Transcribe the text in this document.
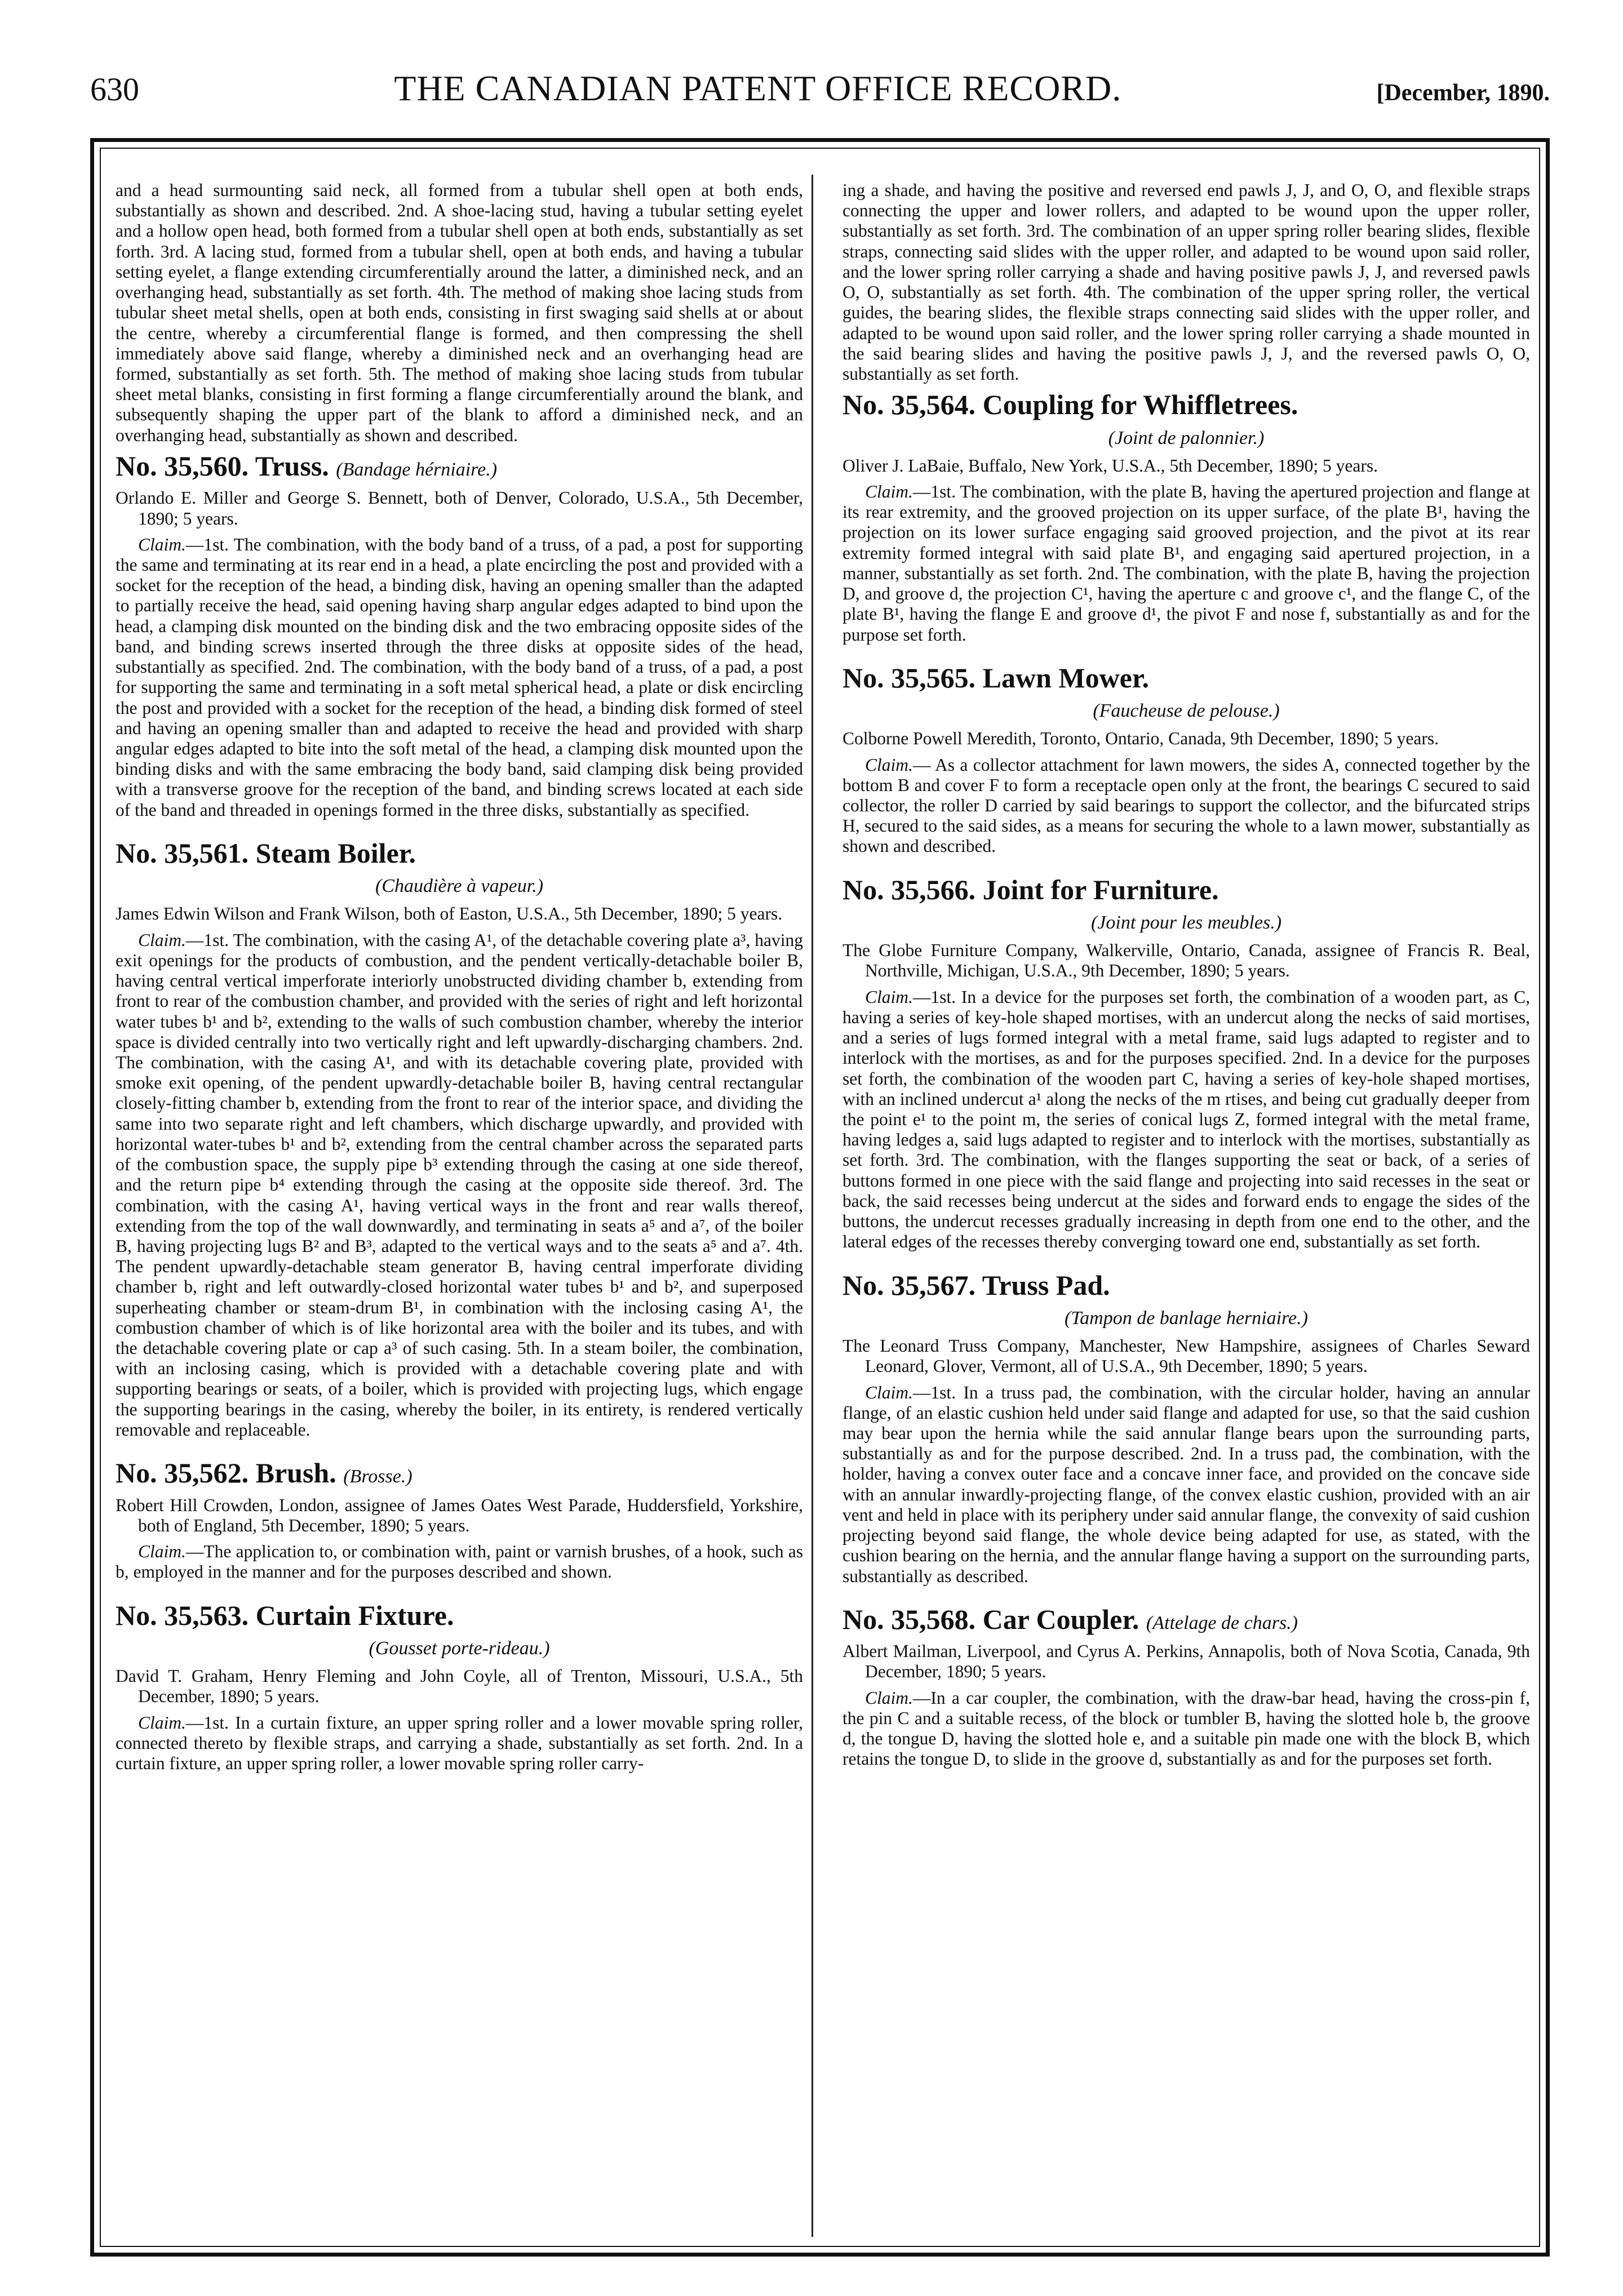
630	THE CANADIAN PATENT OFFICE RECORD.	[December, 1890.

and a head surmounting said neck, all formed from a tubular shell open at both ends, substantially as shown and described. 2nd. A shoe-lacing stud, having a tubular setting eyelet and a hollow open head, both formed from a tubular shell open at both ends, substantially as set forth. 3rd. A lacing stud, formed from a tubular shell, open at both ends, and having a tubular setting eyelet, a flange extending circumferentially around the latter, a diminished neck, and an overhanging head, substantially as set forth. 4th. The method of making shoe lacing studs from tubular sheet metal shells, open at both ends, consisting in first swaging said shells at or about the centre, whereby a circumferential flange is formed, and then compressing the shell immediately above said flange, whereby a diminished neck and an overhanging head are formed, substantially as set forth. 5th. The method of making shoe lacing studs from tubular sheet metal blanks, consisting in first forming a flange circumferentially around the blank, and subsequently shaping the upper part of the blank to afford a diminished neck, and an overhanging head, substantially as shown and described.

No. 35,560. Truss. (Bandage hérniaire.)

Orlando E. Miller and George S. Bennett, both of Denver, Colorado, U.S.A., 5th December, 1890; 5 years.

Claim.—1st. The combination, with the body band of a truss, of a pad, a post for supporting the same and terminating at its rear end in a head, a plate encircling the post and provided with a socket for the reception of the head, a binding disk, having an opening smaller than the adapted to partially receive the head, said opening having sharp angular edges adapted to bind upon the head, a clamping disk mounted on the binding disk and the two embracing opposite sides of the band, and binding screws inserted through the three disks at opposite sides of the head, substantially as specified. 2nd. The combination, with the body band of a truss, of a pad, a post for supporting the same and terminating in a soft metal spherical head, a plate or disk encircling the post and provided with a socket for the reception of the head, a binding disk formed of steel and having an opening smaller than and adapted to receive the head and provided with sharp angular edges adapted to bite into the soft metal of the head, a clamping disk mounted upon the binding disks and with the same embracing the body band, said clamping disk being provided with a transverse groove for the reception of the band, and binding screws located at each side of the band and threaded in openings formed in the three disks, substantially as specified.

No. 35,561. Steam Boiler.
(Chaudière à vapeur.)

James Edwin Wilson and Frank Wilson, both of Easton, U.S.A., 5th December, 1890; 5 years.

Claim.—1st. The combination, with the casing A¹, of the detachable covering plate a³, having exit openings for the products of combustion, and the pendent vertically-detachable boiler B, having central vertical imperforate interiorly unobstructed dividing chamber b, extending from front to rear of the combustion chamber, and provided with the series of right and left horizontal water tubes b¹ and b², extending to the walls of such combustion chamber, whereby the interior space is divided centrally into two vertically right and left upwardly-discharging chambers. 2nd. The combination, with the casing A¹, and with its detachable covering plate, provided with smoke exit opening, of the pendent upwardly-detachable boiler B, having central rectangular closely-fitting chamber b, extending from the front to rear of the interior space, and dividing the same into two separate right and left chambers, which discharge upwardly, and provided with horizontal water-tubes b¹ and b², extending from the central chamber across the separated parts of the combustion space, the supply pipe b³ extending through the casing at one side thereof, and the return pipe b⁴ extending through the casing at the opposite side thereof. 3rd. The combination, with the casing A¹, having vertical ways in the front and rear walls thereof, extending from the top of the wall downwardly, and terminating in seats a⁵ and a⁷, of the boiler B, having projecting lugs B² and B³, adapted to the vertical ways and to the seats a⁵ and a⁷. 4th. The pendent upwardly-detachable steam generator B, having central imperforate dividing chamber b, right and left outwardly-closed horizontal water tubes b¹ and b², and superposed superheating chamber or steam-drum B¹, in combination with the inclosing casing A¹, the combustion chamber of which is of like horizontal area with the boiler and its tubes, and with the detachable covering plate or cap a³ of such casing. 5th. In a steam boiler, the combination, with an inclosing casing, which is provided with a detachable covering plate and with supporting bearings or seats, of a boiler, which is provided with projecting lugs, which engage the supporting bearings in the casing, whereby the boiler, in its entirety, is rendered vertically removable and replaceable.

No. 35,562. Brush. (Brosse.)

Robert Hill Crowden, London, assignee of James Oates West Parade, Huddersfield, Yorkshire, both of England, 5th December, 1890; 5 years.

Claim.—The application to, or combination with, paint or varnish brushes, of a hook, such as b, employed in the manner and for the purposes described and shown.

No. 35,563. Curtain Fixture.
(Gousset porte-rideau.)

David T. Graham, Henry Fleming and John Coyle, all of Trenton, Missouri, U.S.A., 5th December, 1890; 5 years.

Claim.—1st. In a curtain fixture, an upper spring roller and a lower movable spring roller, connected thereto by flexible straps, and carrying a shade, substantially as set forth. 2nd. In a curtain fixture, an upper spring roller, a lower movable spring roller carry-

ing a shade, and having the positive and reversed end pawls J, J, and O, O, and flexible straps connecting the upper and lower rollers, and adapted to be wound upon the upper roller, substantially as set forth. 3rd. The combination of an upper spring roller bearing slides, flexible straps, connecting said slides with the upper roller, and adapted to be wound upon said roller, and the lower spring roller carrying a shade and having positive pawls J, J, and reversed pawls O, O, substantially as set forth. 4th. The combination of the upper spring roller, the vertical guides, the bearing slides, the flexible straps connecting said slides with the upper roller, and adapted to be wound upon said roller, and the lower spring roller carrying a shade mounted in the said bearing slides and having the positive pawls J, J, and the reversed pawls O, O, substantially as set forth.

No. 35,564. Coupling for Whiffletrees.
(Joint de palonnier.)

Oliver J. LaBaie, Buffalo, New York, U.S.A., 5th December, 1890; 5 years.

Claim.—1st. The combination, with the plate B, having the apertured projection and flange at its rear extremity, and the grooved projection on its upper surface, of the plate B¹, having the projection on its lower surface engaging said grooved projection, and the pivot at its rear extremity formed integral with said plate B¹, and engaging said apertured projection, in a manner, substantially as set forth. 2nd. The combination, with the plate B, having the projection D, and groove d, the projection C¹, having the aperture c and groove c¹, and the flange C, of the plate B¹, having the flange E and groove d¹, the pivot F and nose f, substantially as and for the purpose set forth.

No. 35,565. Lawn Mower.
(Faucheuse de pelouse.)

Colborne Powell Meredith, Toronto, Ontario, Canada, 9th December, 1890; 5 years.

Claim.— As a collector attachment for lawn mowers, the sides A, connected together by the bottom B and cover F to form a receptacle open only at the front, the bearings C secured to said collector, the roller D carried by said bearings to support the collector, and the bifurcated strips H, secured to the said sides, as a means for securing the whole to a lawn mower, substantially as shown and described.

No. 35,566. Joint for Furniture.
(Joint pour les meubles.)

The Globe Furniture Company, Walkerville, Ontario, Canada, assignee of Francis R. Beal, Northville, Michigan, U.S.A., 9th December, 1890; 5 years.

Claim.—1st. In a device for the purposes set forth, the combination of a wooden part, as C, having a series of key-hole shaped mortises, with an undercut along the necks of said mortises, and a series of lugs formed integral with a metal frame, said lugs adapted to register and to interlock with the mortises, as and for the purposes specified. 2nd. In a device for the purposes set forth, the combination of the wooden part C, having a series of key-hole shaped mortises, with an inclined undercut a¹ along the necks of the m rtises, and being cut gradually deeper from the point e¹ to the point m, the series of conical lugs Z, formed integral with the metal frame, having ledges a, said lugs adapted to register and to interlock with the mortises, substantially as set forth. 3rd. The combination, with the flanges supporting the seat or back, of a series of buttons formed in one piece with the said flange and projecting into said recesses in the seat or back, the said recesses being undercut at the sides and forward ends to engage the sides of the buttons, the undercut recesses gradually increasing in depth from one end to the other, and the lateral edges of the recesses thereby converging toward one end, substantially as set forth.

No. 35,567. Truss Pad.
(Tampon de banlage herniaire.)

The Leonard Truss Company, Manchester, New Hampshire, assignees of Charles Seward Leonard, Glover, Vermont, all of U.S.A., 9th December, 1890; 5 years.

Claim.—1st. In a truss pad, the combination, with the circular holder, having an annular flange, of an elastic cushion held under said flange and adapted for use, so that the said cushion may bear upon the hernia while the said annular flange bears upon the surrounding parts, substantially as and for the purpose described. 2nd. In a truss pad, the combination, with the holder, having a convex outer face and a concave inner face, and provided on the concave side with an annular inwardly-projecting flange, of the convex elastic cushion, provided with an air vent and held in place with its periphery under said annular flange, the convexity of said cushion projecting beyond said flange, the whole device being adapted for use, as stated, with the cushion bearing on the hernia, and the annular flange having a support on the surrounding parts, substantially as described.

No. 35,568. Car Coupler. (Attelage de chars.)

Albert Mailman, Liverpool, and Cyrus A. Perkins, Annapolis, both of Nova Scotia, Canada, 9th December, 1890; 5 years.

Claim.—In a car coupler, the combination, with the draw-bar head, having the cross-pin f, the pin C and a suitable recess, of the block or tumbler B, having the slotted hole b, the groove d, the tongue D, having the slotted hole e, and a suitable pin made one with the block B, which retains the tongue D, to slide in the groove d, substantially as and for the purposes set forth.
